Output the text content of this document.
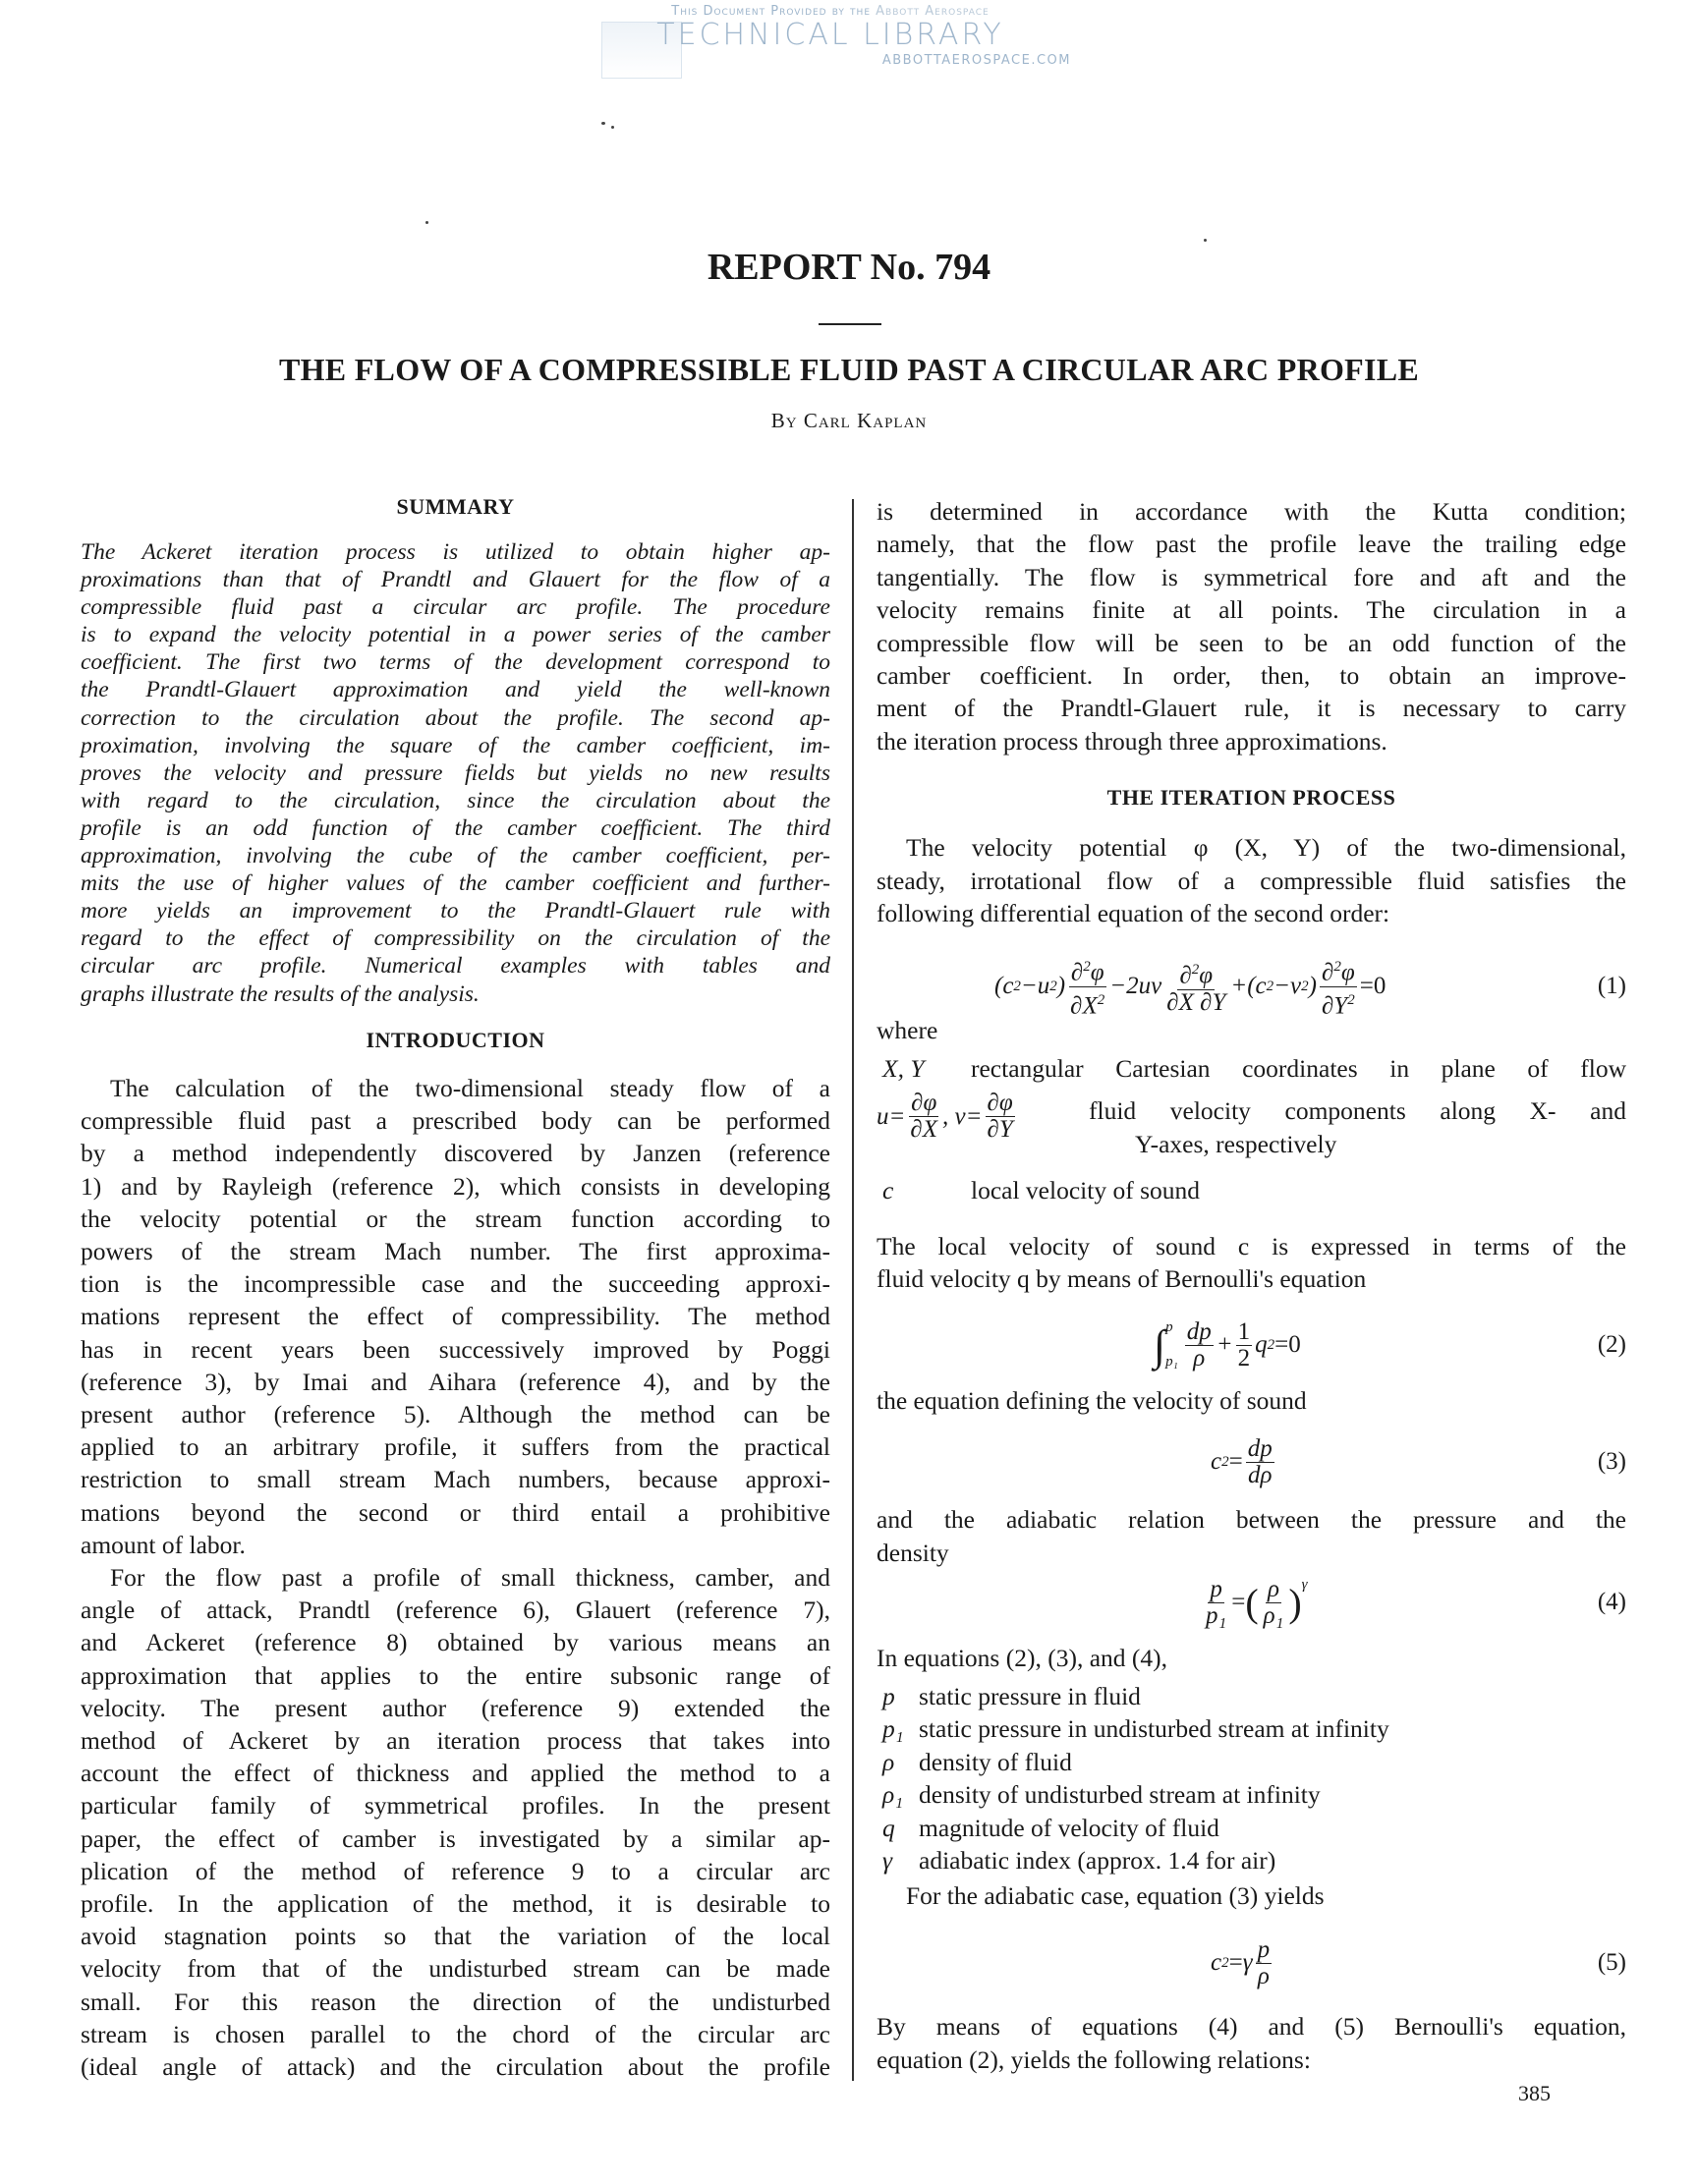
This Document Provided by the Abbott Aerospace
TECHNICAL LIBRARY
ABBOTTAEROSPACE.COM
REPORT No. 794
THE FLOW OF A COMPRESSIBLE FLUID PAST A CIRCULAR ARC PROFILE
By Carl Kaplan
SUMMARY
The Ackeret iteration process is utilized to obtain higher ap-
proximations than that of Prandtl and Glauert for the flow of a
compressible fluid past a circular arc profile. The procedure
is to expand the velocity potential in a power series of the camber
coefficient. The first two terms of the development correspond to
the Prandtl-Glauert approximation and yield the well-known
correction to the circulation about the profile. The second ap-
proximation, involving the square of the camber coefficient, im-
proves the velocity and pressure fields but yields no new results
with regard to the circulation, since the circulation about the
profile is an odd function of the camber coefficient. The third
approximation, involving the cube of the camber coefficient, per-
mits the use of higher values of the camber coefficient and further-
more yields an improvement to the Prandtl-Glauert rule with
regard to the effect of compressibility on the circulation of the
circular arc profile. Numerical examples with tables and
graphs illustrate the results of the analysis.
INTRODUCTION
The calculation of the two-dimensional steady flow of a
compressible fluid past a prescribed body can be performed
by a method independently discovered by Janzen (reference
1) and by Rayleigh (reference 2), which consists in developing
the velocity potential or the stream function according to
powers of the stream Mach number. The first approxima-
tion is the incompressible case and the succeeding approxi-
mations represent the effect of compressibility. The method
has in recent years been successively improved by Poggi
(reference 3), by Imai and Aihara (reference 4), and by the
present author (reference 5). Although the method can be
applied to an arbitrary profile, it suffers from the practical
restriction to small stream Mach numbers, because approxi-
mations beyond the second or third entail a prohibitive
amount of labor.
For the flow past a profile of small thickness, camber, and
angle of attack, Prandtl (reference 6), Glauert (reference 7),
and Ackeret (reference 8) obtained by various means an
approximation that applies to the entire subsonic range of
velocity. The present author (reference 9) extended the
method of Ackeret by an iteration process that takes into
account the effect of thickness and applied the method to a
particular family of symmetrical profiles. In the present
paper, the effect of camber is investigated by a similar ap-
plication of the method of reference 9 to a circular arc
profile. In the application of the method, it is desirable to
avoid stagnation points so that the variation of the local
velocity from that of the undisturbed stream can be made
small. For this reason the direction of the undisturbed
stream is chosen parallel to the chord of the circular arc
(ideal angle of attack) and the circulation about the profile
is determined in accordance with the Kutta condition;
namely, that the flow past the profile leave the trailing edge
tangentially. The flow is symmetrical fore and aft and the
velocity remains finite at all points. The circulation in a
compressible flow will be seen to be an odd function of the
camber coefficient. In order, then, to obtain an improve-
ment of the Prandtl-Glauert rule, it is necessary to carry
the iteration process through three approximations.
THE ITERATION PROCESS
The velocity potential φ (X, Y) of the two-dimensional,
steady, irrotational flow of a compressible fluid satisfies the
following differential equation of the second order:
(c 2 −u 2 ) $\frac{\partial^2\varphi}{\partial X^2} -2uv \frac{\partial^2\varphi}{\partial X \partial Y} +(c$ 2 −v 2 ) $\frac{\partial^2\varphi}{\partial Y^2} =0$	(1)
where
X, Y rectangular Cartesian coordinates in plane of flow
$u= \frac{\partial\varphi}{\partial X}$ , $v= \frac{\partial\varphi}{\partial Y}$	fluid velocity components along X- and
Y-axes, respectively
c	local velocity of sound
The local velocity of sound c is expressed in terms of the
fluid velocity q by means of Bernoulli's equation
∫ p
$p_1 \frac{dp}{\rho} + \frac{1}{2}$ q 2 =0	(2)
the equation defining the velocity of sound
c $2 = \frac{dp}{d\rho}$	(3)
and the adiabatic relation between the pressure and the
density
$\frac{p}{\text{p₁}}$ = ( $\frac{\rho}{\text{ρ₁}} )^\gamma$
(4)
In equations (2), (3), and (4),
p static pressure in fluid
p₁ static pressure in undisturbed stream at infinity
ρ density of fluid
ρ₁ density of undisturbed stream at infinity
q magnitude of velocity of fluid
γ adiabatic index (approx. 1.4 for air)
For the adiabatic case, equation (3) yields
c 2 = γ $\frac{p}{\rho}$	(5)
By means of equations (4) and (5) Bernoulli's equation,
equation (2), yields the following relations:
385
